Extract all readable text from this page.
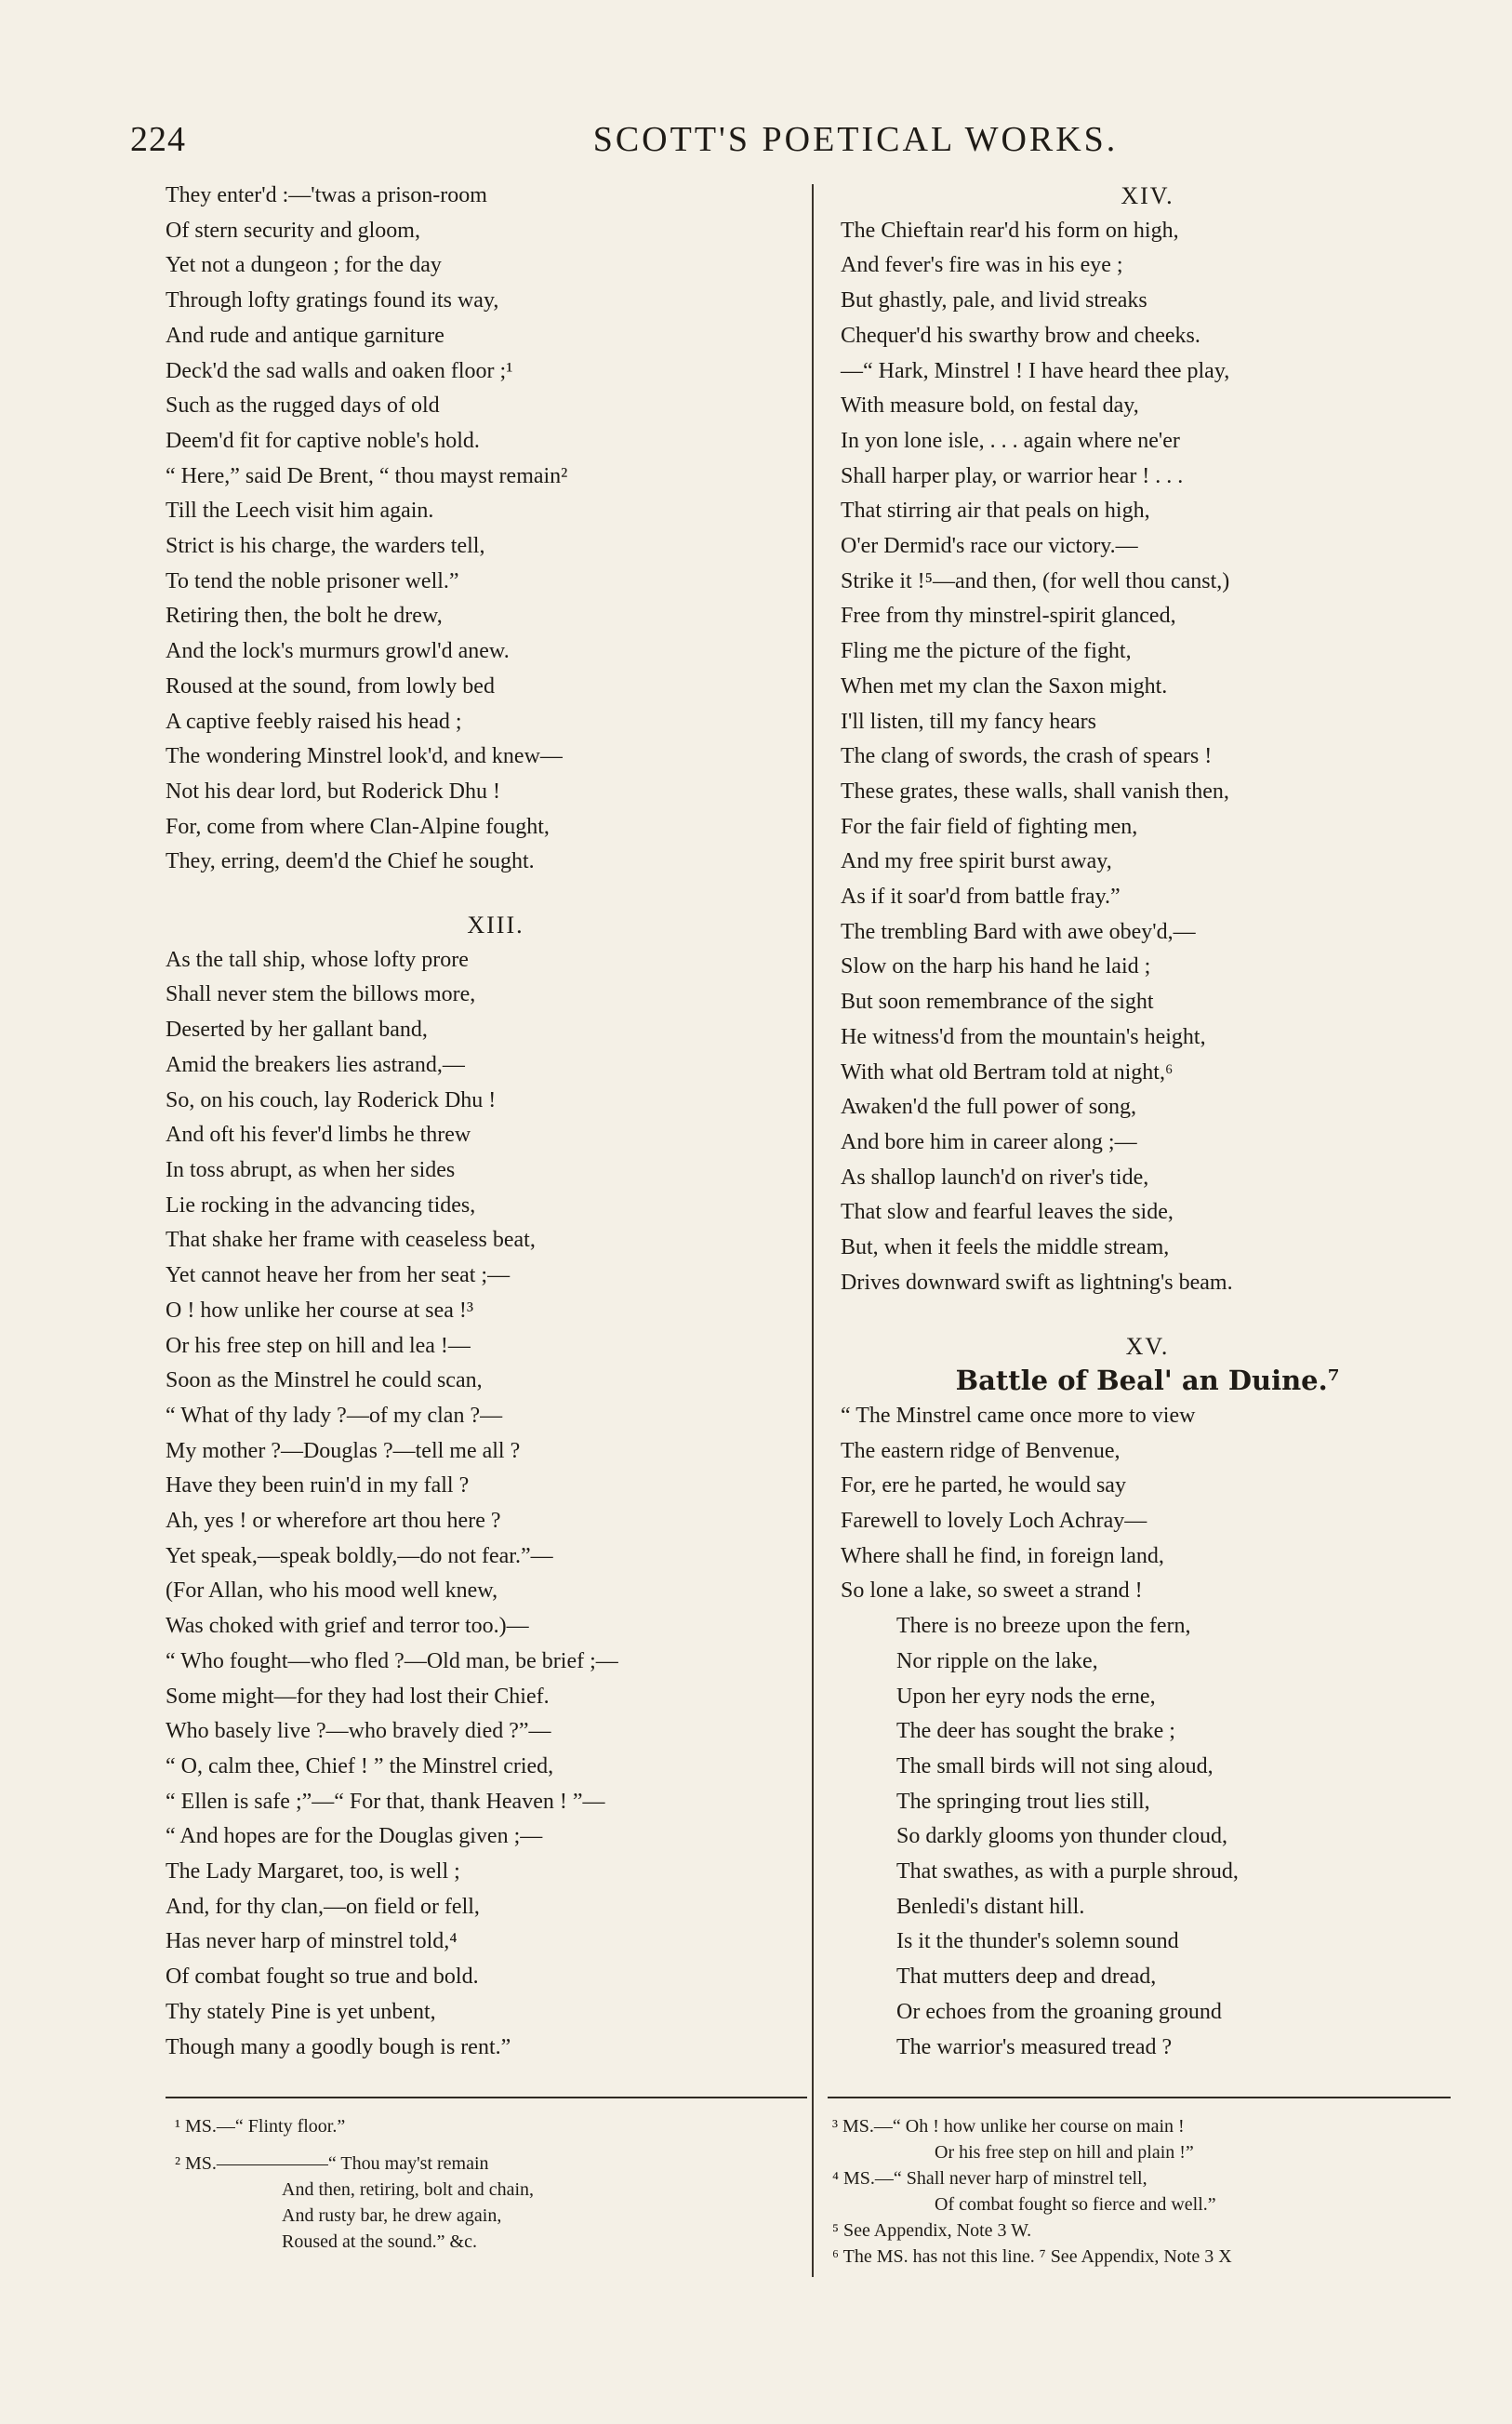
224	SCOTT'S POETICAL WORKS.
They enter'd :—'twas a prison-room
Of stern security and gloom,
Yet not a dungeon ; for the day
Through lofty gratings found its way,
And rude and antique garniture
Deck'd the sad walls and oaken floor ;¹
Such as the rugged days of old
Deem'd fit for captive noble's hold.
“ Here,” said De Brent, “ thou mayst remain²
Till the Leech visit him again.
Strict is his charge, the warders tell,
To tend the noble prisoner well.”
Retiring then, the bolt he drew,
And the lock's murmurs growl'd anew.
Roused at the sound, from lowly bed
A captive feebly raised his head ;
The wondering Minstrel look'd, and knew—
Not his dear lord, but Roderick Dhu !
For, come from where Clan-Alpine fought,
They, erring, deem'd the Chief he sought.
XIII.
As the tall ship, whose lofty prore
Shall never stem the billows more,
Deserted by her gallant band,
Amid the breakers lies astrand,—
So, on his couch, lay Roderick Dhu !
And oft his fever'd limbs he threw
In toss abrupt, as when her sides
Lie rocking in the advancing tides,
That shake her frame with ceaseless beat,
Yet cannot heave her from her seat ;—
O ! how unlike her course at sea !³
Or his free step on hill and lea !—
Soon as the Minstrel he could scan,
“ What of thy lady ?—of my clan ?—
My mother ?—Douglas ?—tell me all ?
Have they been ruin'd in my fall ?
Ah, yes ! or wherefore art thou here ?
Yet speak,—speak boldly,—do not fear.”—
(For Allan, who his mood well knew,
Was choked with grief and terror too.)—
“ Who fought—who fled ?—Old man, be brief ;—
Some might—for they had lost their Chief.
Who basely live ?—who bravely died ?”—
“ O, calm thee, Chief ! ” the Minstrel cried,
“ Ellen is safe ;”—“ For that, thank Heaven ! ”—
“ And hopes are for the Douglas given ;—
The Lady Margaret, too, is well ;
And, for thy clan,—on field or fell,
Has never harp of minstrel told,⁴
Of combat fought so true and bold.
Thy stately Pine is yet unbent,
Though many a goodly bough is rent.”
XIV.
The Chieftain rear'd his form on high,
And fever's fire was in his eye ;
But ghastly, pale, and livid streaks
Chequer'd his swarthy brow and cheeks.
—“ Hark, Minstrel ! I have heard thee play,
With measure bold, on festal day,
In yon lone isle, . . . again where ne'er
Shall harper play, or warrior hear ! . . .
That stirring air that peals on high,
O'er Dermid's race our victory.—
Strike it !⁵—and then, (for well thou canst,)
Free from thy minstrel-spirit glanced,
Fling me the picture of the fight,
When met my clan the Saxon might.
I'll listen, till my fancy hears
The clang of swords, the crash of spears !
These grates, these walls, shall vanish then,
For the fair field of fighting men,
And my free spirit burst away,
As if it soar'd from battle fray.”
The trembling Bard with awe obey'd,—
Slow on the harp his hand he laid ;
But soon remembrance of the sight
He witness'd from the mountain's height,
With what old Bertram told at night,⁶
Awaken'd the full power of song,
And bore him in career along ;—
As shallop launch'd on river's tide,
That slow and fearful leaves the side,
But, when it feels the middle stream,
Drives downward swift as lightning's beam.
XV.
Battle of Beal' an Duine.⁷
“ The Minstrel came once more to view
The eastern ridge of Benvenue,
For, ere he parted, he would say
Farewell to lovely Loch Achray—
Where shall he find, in foreign land,
So lone a lake, so sweet a strand !
There is no breeze upon the fern,
Nor ripple on the lake,
Upon her eyry nods the erne,
The deer has sought the brake ;
The small birds will not sing aloud,
The springing trout lies still,
So darkly glooms yon thunder cloud,
That swathes, as with a purple shroud,
Benledi's distant hill.
Is it the thunder's solemn sound
That mutters deep and dread,
Or echoes from the groaning ground
The warrior's measured tread ?
¹ MS.—“ Flinty floor.”
² MS.——————“ Thou may'st remain
And then, retiring, bolt and chain,
And rusty bar, he drew again,
Roused at the sound.” &c.
³ MS.—“ Oh ! how unlike her course on main !
Or his free step on hill and plain !”
⁴ MS.—“ Shall never harp of minstrel tell,
Of combat fought so fierce and well.”
⁵ See Appendix, Note 3 W.
⁶ The MS. has not this line. ⁷ See Appendix, Note 3 X
